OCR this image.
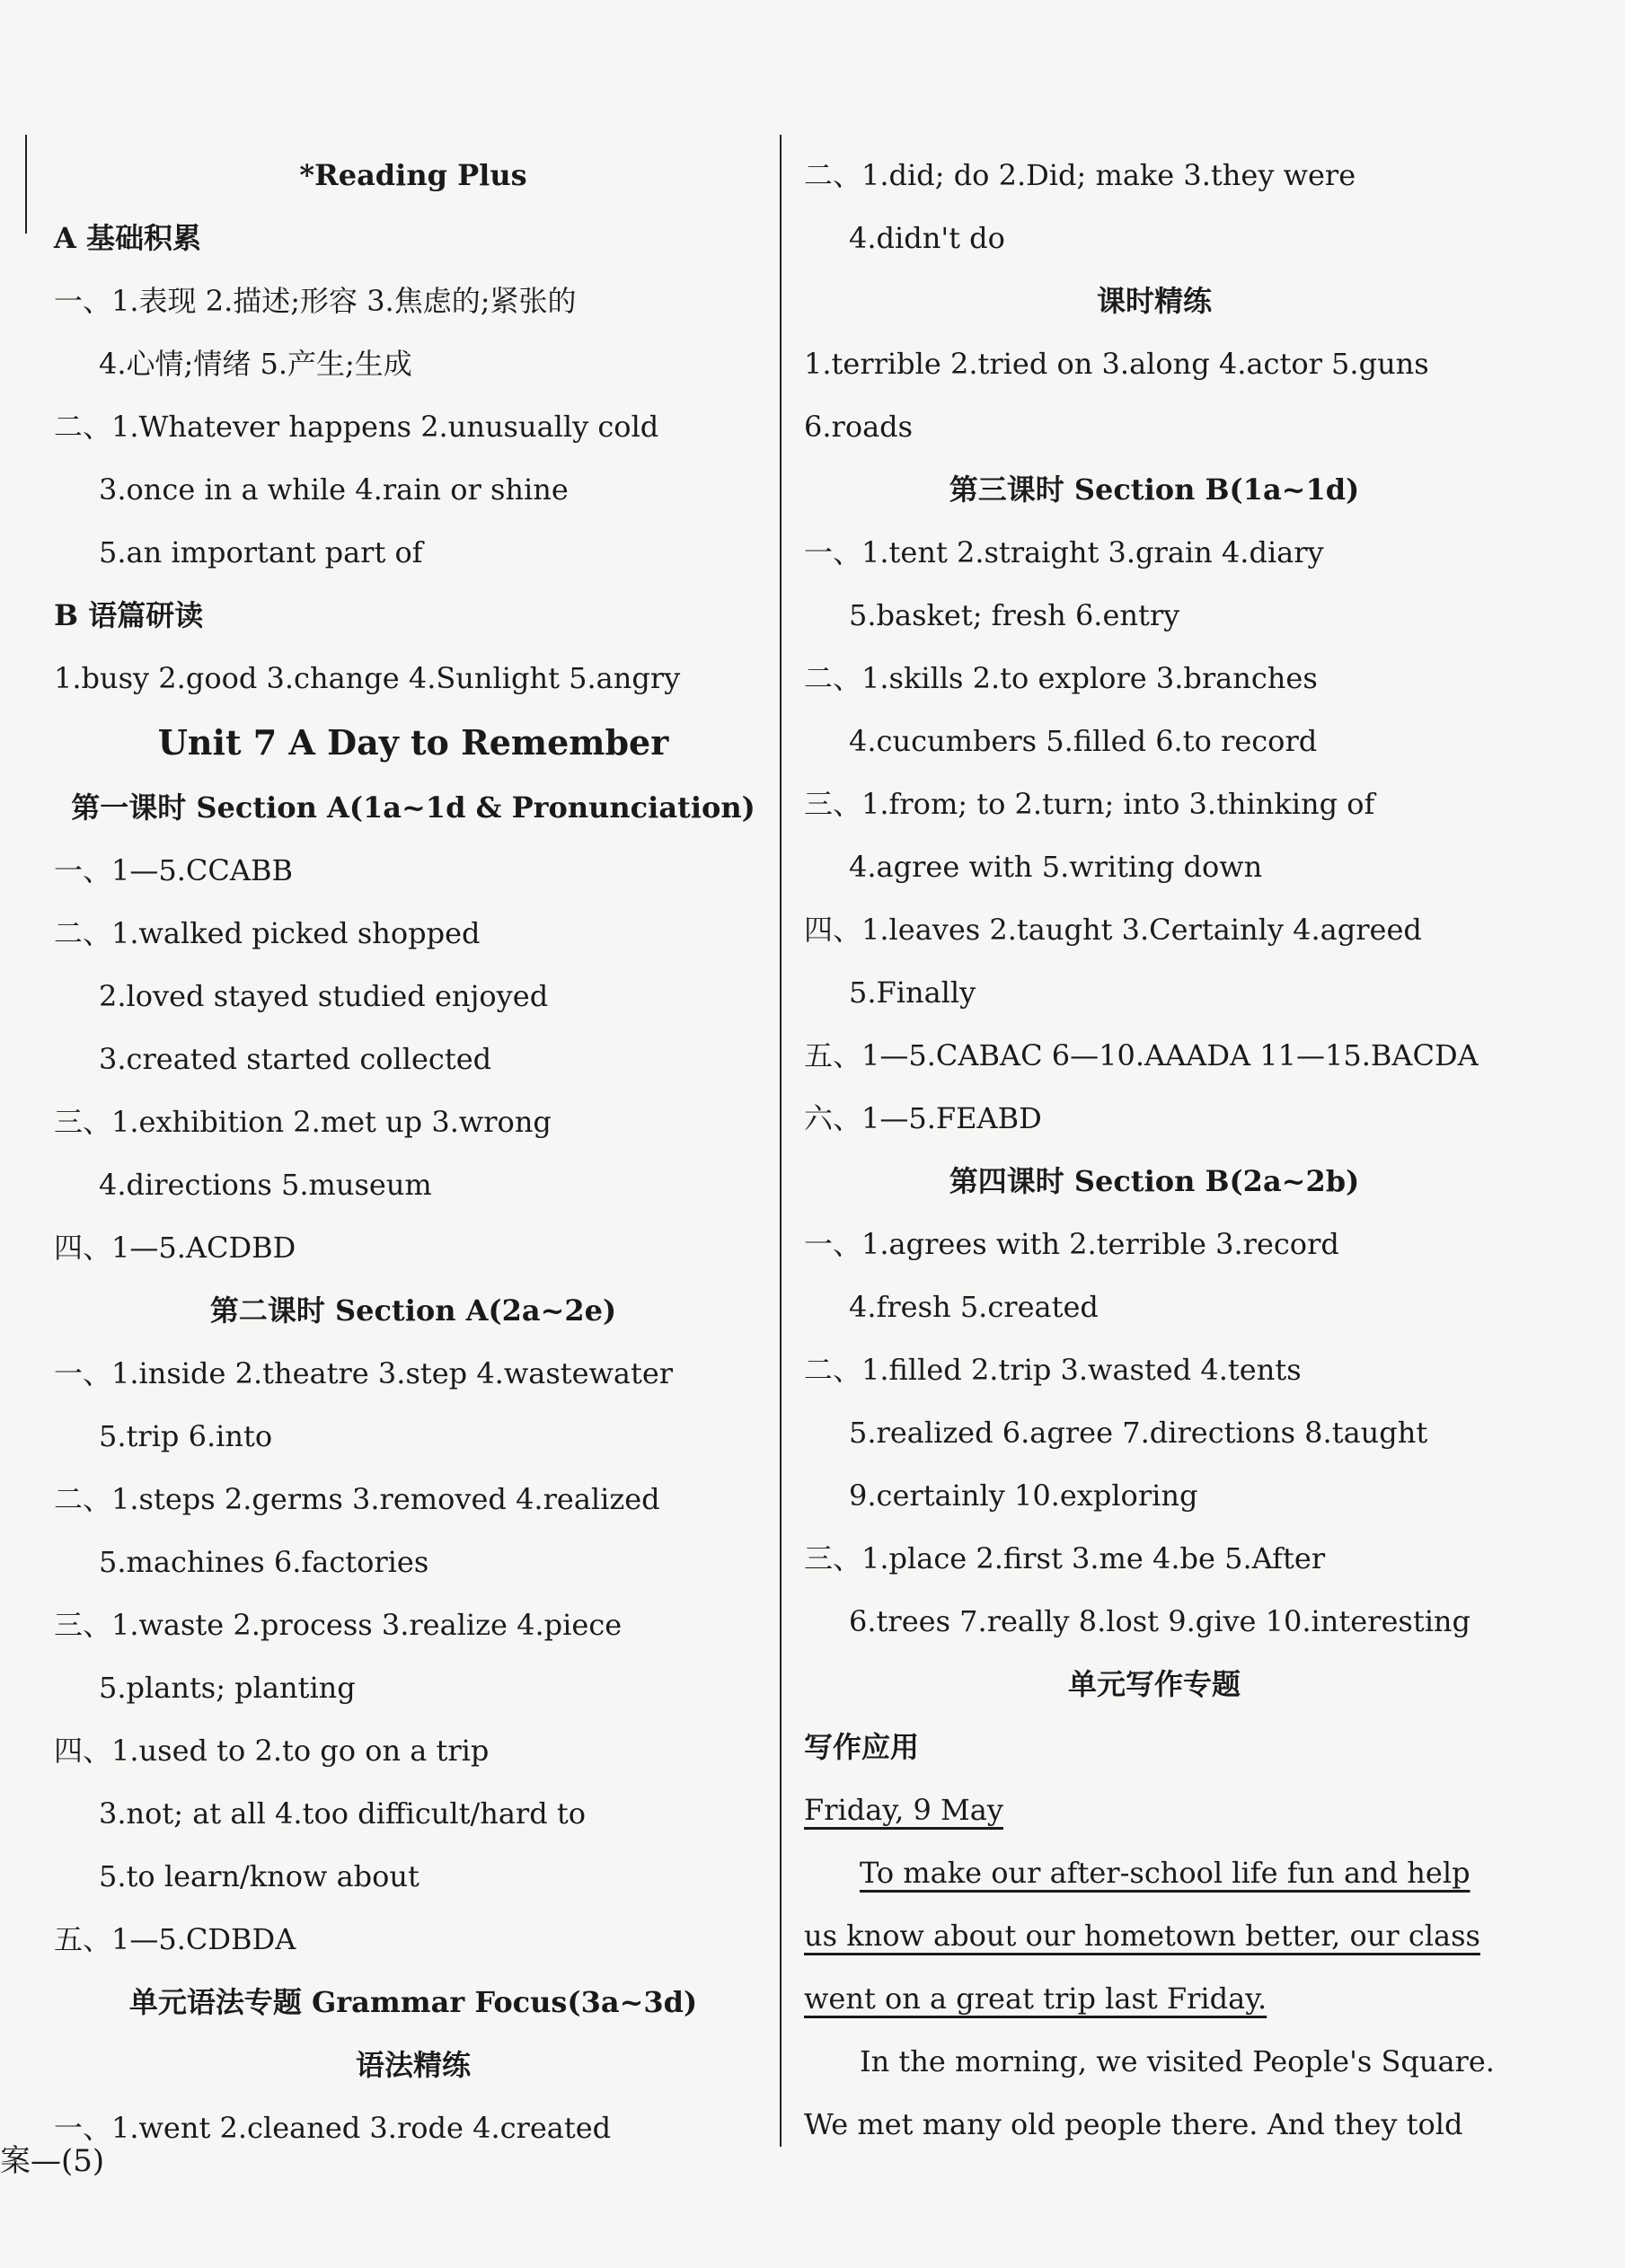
*Reading Plus
A 基础积累
一、1.表现 2.描述;形容 3.焦虑的;紧张的
4.心情;情绪 5.产生;生成
二、1.Whatever happens 2.unusually cold
3.once in a while 4.rain or shine
5.an important part of
B 语篇研读
1.busy 2.good 3.change 4.Sunlight 5.angry
Unit 7 A Day to Remember
第一课时 Section A(1a~1d & Pronunciation)
一、1—5.CCABB
二、1.walked picked shopped
2.loved stayed studied enjoyed
3.created started collected
三、1.exhibition 2.met up 3.wrong
4.directions 5.museum
四、1—5.ACDBD
第二课时 Section A(2a~2e)
一、1.inside 2.theatre 3.step 4.wastewater
5.trip 6.into
二、1.steps 2.germs 3.removed 4.realized
5.machines 6.factories
三、1.waste 2.process 3.realize 4.piece
5.plants; planting
四、1.used to 2.to go on a trip
3.not; at all 4.too difficult/hard to
5.to learn/know about
五、1—5.CDBDA
单元语法专题 Grammar Focus(3a~3d)
语法精练
一、1.went 2.cleaned 3.rode 4.created
二、1.did; do 2.Did; make 3.they were
4.didn't do
课时精练
1.terrible 2.tried on 3.along 4.actor 5.guns
6.roads
第三课时 Section B(1a~1d)
一、1.tent 2.straight 3.grain 4.diary
5.basket; fresh 6.entry
二、1.skills 2.to explore 3.branches
4.cucumbers 5.filled 6.to record
三、1.from; to 2.turn; into 3.thinking of
4.agree with 5.writing down
四、1.leaves 2.taught 3.Certainly 4.agreed
5.Finally
五、1—5.CABAC 6—10.AAADA 11—15.BACDA
六、1—5.FEABD
第四课时 Section B(2a~2b)
一、1.agrees with 2.terrible 3.record
4.fresh 5.created
二、1.filled 2.trip 3.wasted 4.tents
5.realized 6.agree 7.directions 8.taught
9.certainly 10.exploring
三、1.place 2.first 3.me 4.be 5.After
6.trees 7.really 8.lost 9.give 10.interesting
单元写作专题
写作应用
Friday, 9 May
To make our after-school life fun and help
us know about our hometown better, our class
went on a great trip last Friday.
In the morning, we visited People's Square.
We met many old people there. And they told
案—(5)
